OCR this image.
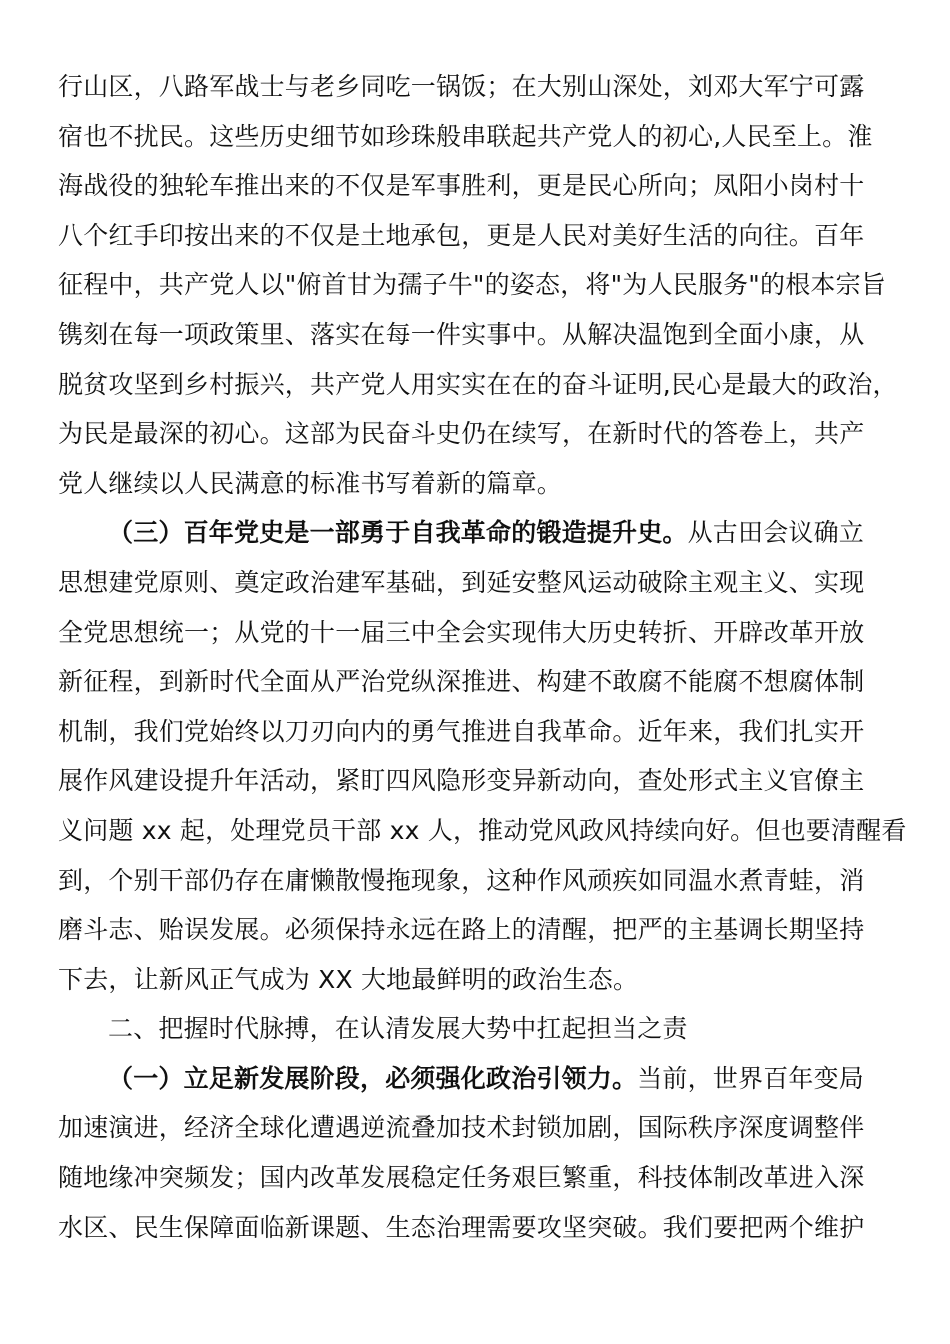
行山区，八路军战士与老乡同吃一锅饭；在大别山深处，刘邓大军宁可露
宿也不扰民。这些历史细节如珍珠般串联起共产党人的初心,人民至上。淮
海战役的独轮车推出来的不仅是军事胜利，更是民心所向；凤阳小岗村十
八个红手印按出来的不仅是土地承包，更是人民对美好生活的向往。百年
征程中，共产党人以"俯首甘为孺子牛"的姿态，将"为人民服务"的根本宗旨
镌刻在每一项政策里、落实在每一件实事中。从解决温饱到全面小康，从
脱贫攻坚到乡村振兴，共产党人用实实在在的奋斗证明,民心是最大的政治，
为民是最深的初心。这部为民奋斗史仍在续写，在新时代的答卷上，共产
党人继续以人民满意的标准书写着新的篇章。
（三）百年党史是一部勇于自我革命的锻造提升史。从古田会议确立
思想建党原则、奠定政治建军基础，到延安整风运动破除主观主义、实现
全党思想统一；从党的十一届三中全会实现伟大历史转折、开辟改革开放
新征程，到新时代全面从严治党纵深推进、构建不敢腐不能腐不想腐体制
机制，我们党始终以刀刃向内的勇气推进自我革命。近年来，我们扎实开
展作风建设提升年活动，紧盯四风隐形变异新动向，查处形式主义官僚主
义问题 xx 起，处理党员干部 xx 人，推动党风政风持续向好。但也要清醒看
到，个别干部仍存在庸懒散慢拖现象，这种作风顽疾如同温水煮青蛙，消
磨斗志、贻误发展。必须保持永远在路上的清醒，把严的主基调长期坚持
下去，让新风正气成为 XX 大地最鲜明的政治生态。
二、把握时代脉搏，在认清发展大势中扛起担当之责
（一）立足新发展阶段，必须强化政治引领力。当前，世界百年变局
加速演进，经济全球化遭遇逆流叠加技术封锁加剧，国际秩序深度调整伴
随地缘冲突频发；国内改革发展稳定任务艰巨繁重，科技体制改革进入深
水区、民生保障面临新课题、生态治理需要攻坚突破。我们要把两个维护
